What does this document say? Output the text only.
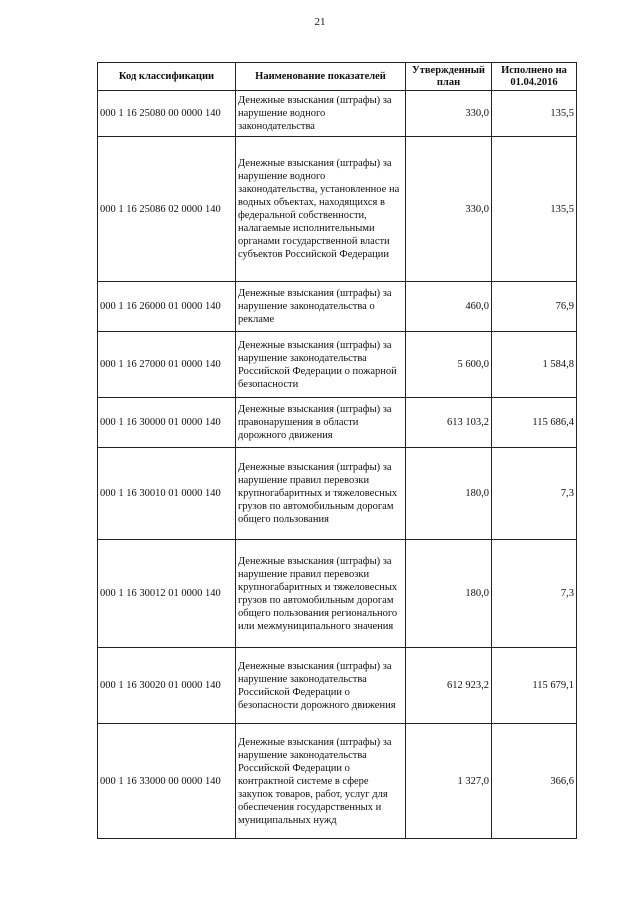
21
Код классификации	Наименование показателей	Утвержденный план	Исполнено на 01.04.2016
000 1 16 25080 00 0000 140	Денежные взыскания (штрафы) за нарушение водного законодательства	330,0	135,5
000 1 16 25086 02 0000 140	Денежные взыскания (штрафы) за нарушение водного законодательства, установленное на водных объектах, находящихся в федеральной собственности, налагаемые исполнительными органами государственной власти субъектов Российской Федерации	330,0	135,5
000 1 16 26000 01 0000 140	Денежные взыскания (штрафы) за нарушение законодательства о рекламе	460,0	76,9
000 1 16 27000 01 0000 140	Денежные взыскания (штрафы) за нарушение законодательства Российской Федерации о пожарной безопасности	5 600,0	1 584,8
000 1 16 30000 01 0000 140	Денежные взыскания (штрафы) за правонарушения в области дорожного движения	613 103,2	115 686,4
000 1 16 30010 01 0000 140	Денежные взыскания (штрафы) за нарушение правил перевозки крупногабаритных и тяжеловесных грузов по автомобильным дорогам общего пользования	180,0	7,3
000 1 16 30012 01 0000 140	Денежные взыскания (штрафы) за нарушение правил перевозки крупногабаритных и тяжеловесных грузов по автомобильным дорогам общего пользования регионального или межмуниципального значения	180,0	7,3
000 1 16 30020 01 0000 140	Денежные взыскания (штрафы) за нарушение законодательства Российской Федерации о безопасности дорожного движения	612 923,2	115 679,1
000 1 16 33000 00 0000 140	Денежные взыскания (штрафы) за нарушение законодательства Российской Федерации о контрактной системе в сфере закупок товаров, работ, услуг для обеспечения государственных и муниципальных нужд	1 327,0	366,6
